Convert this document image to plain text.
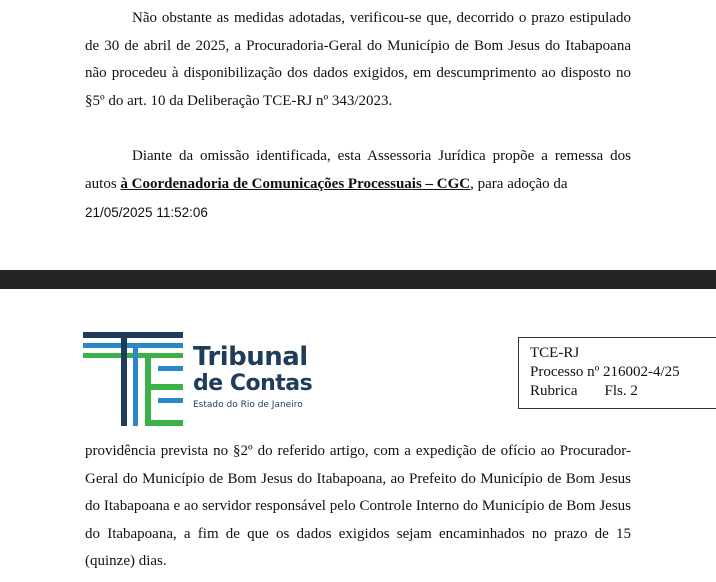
Não obstante as medidas adotadas, verificou-se que, decorrido o prazo estipulado de 30 de abril de 2025, a Procuradoria-Geral do Município de Bom Jesus do Itabapoana não procedeu à disponibilização dos dados exigidos, em descumprimento ao disposto no §5º do art. 10 da Deliberação TCE-RJ nº 343/2023.
Diante da omissão identificada, esta Assessoria Jurídica propõe a remessa dos autos à Coordenadoria de Comunicações Processuais – CGC, para adoção da
21/05/2025 11:52:06
Tribunal
de Contas
Estado do Rio de Janeiro
TCE-RJ
Processo nº 216002-4/25
Rubrica Fls. 2
providência prevista no §2º do referido artigo, com a expedição de ofício ao Procurador-Geral do Município de Bom Jesus do Itabapoana, ao Prefeito do Município de Bom Jesus do Itabapoana e ao servidor responsável pelo Controle Interno do Município de Bom Jesus do Itabapoana, a fim de que os dados exigidos sejam encaminhados no prazo de 15 (quinze) dias.
